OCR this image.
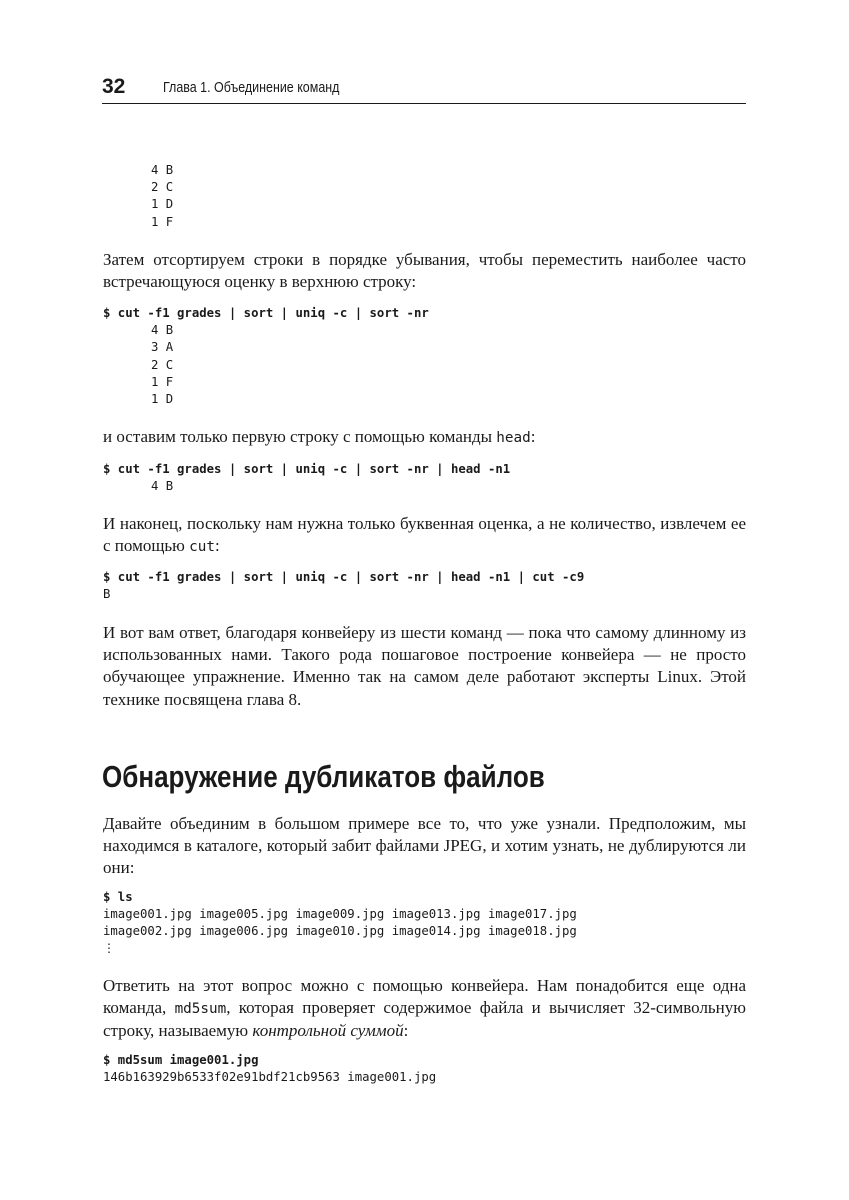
32	Глава 1. Объединение команд
4 B
2 C
1 D
1 F

Затем отсортируем строки в порядке убывания, чтобы переместить наиболее часто встречающуюся оценку в верхнюю строку:

$ cut -f1 grades | sort | uniq -c | sort -nr
4 B
3 A
2 C
1 F
1 D

и оставим только первую строку с помощью команды head:

$ cut -f1 grades | sort | uniq -c | sort -nr | head -n1
4 B

И наконец, поскольку нам нужна только буквенная оценка, а не количество, извлечем ее с помощью cut:

$ cut -f1 grades | sort | uniq -c | sort -nr | head -n1 | cut -c9
B

И вот вам ответ, благодаря конвейеру из шести команд — пока что самому длинному из использованных нами. Такого рода пошаговое построение конвейера — не просто обучающее упражнение. Именно так на самом деле работают эксперты Linux. Этой технике посвящена глава 8.

Обнаружение дубликатов файлов

Давайте объединим в большом примере все то, что уже узнали. Предположим, мы находимся в каталоге, который забит файлами JPEG, и хотим узнать, не дублируются ли они:

$ ls
image001.jpg image005.jpg image009.jpg image013.jpg image017.jpg
image002.jpg image006.jpg image010.jpg image014.jpg image018.jpg
⋮

Ответить на этот вопрос можно с помощью конвейера. Нам понадобится еще одна команда, md5sum, которая проверяет содержимое файла и вычисляет 32-символьную строку, называемую контрольной суммой:

$ md5sum image001.jpg
146b163929b6533f02e91bdf21cb9563 image001.jpg
